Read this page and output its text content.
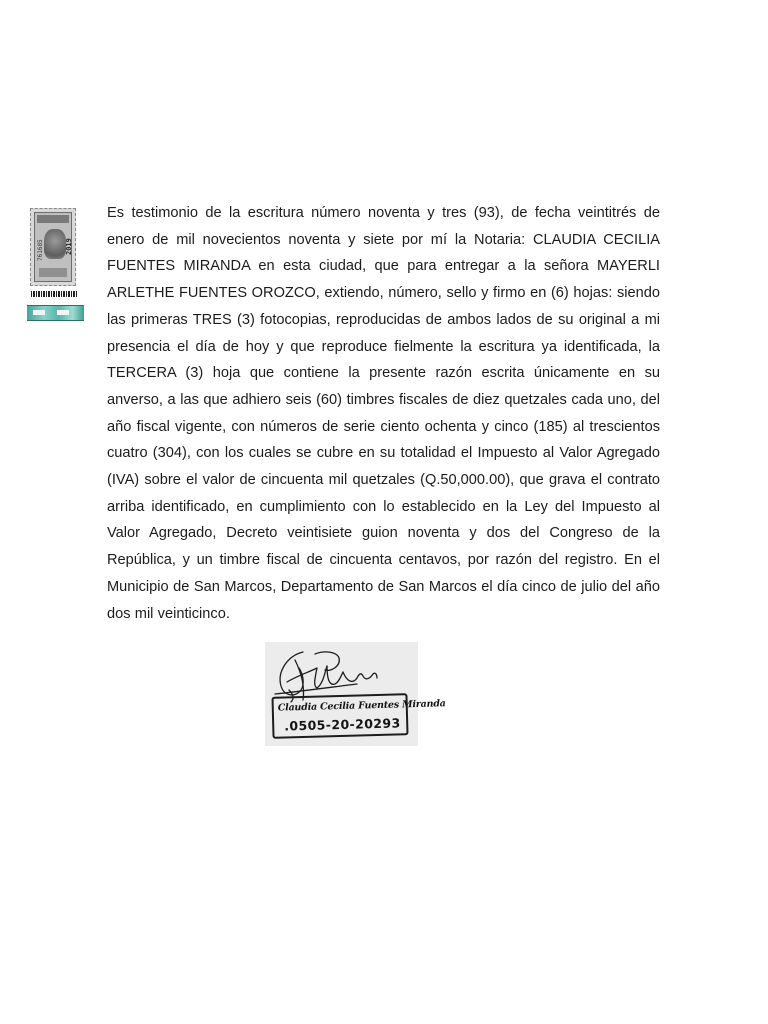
2019
761685

Es testimonio de la escritura número noventa y tres (93), de fecha veintitrés de enero de mil novecientos noventa y siete por mí la Notaria: CLAUDIA CECILIA FUENTES MIRANDA en esta ciudad, que para entregar a la señora MAYERLI ARLETHE FUENTES OROZCO, extiendo, número, sello y firmo en (6) hojas: siendo las primeras TRES (3) fotocopias, reproducidas de ambos lados de su original a mi presencia el día de hoy y que reproduce fielmente la escritura ya identificada, la TERCERA (3) hoja que contiene la presente razón escrita únicamente en su anverso, a las que adhiero seis (60) timbres fiscales de diez quetzales cada uno, del año fiscal vigente, con números de serie ciento ochenta y cinco (185) al trescientos cuatro (304), con los cuales se cubre en su totalidad el Impuesto al Valor Agregado (IVA) sobre el valor de cincuenta mil quetzales (Q.50,000.00), que grava el contrato arriba identificado, en cumplimiento con lo establecido en la Ley del Impuesto al Valor Agregado, Decreto veintisiete guion noventa y dos del Congreso de la República, y un timbre fiscal de cincuenta centavos, por razón del registro. En el Municipio de San Marcos, Departamento de San Marcos el día cinco de julio del año dos mil veinticinco.

Claudia Cecilia Fuentes Miranda
.0505-20-20293
